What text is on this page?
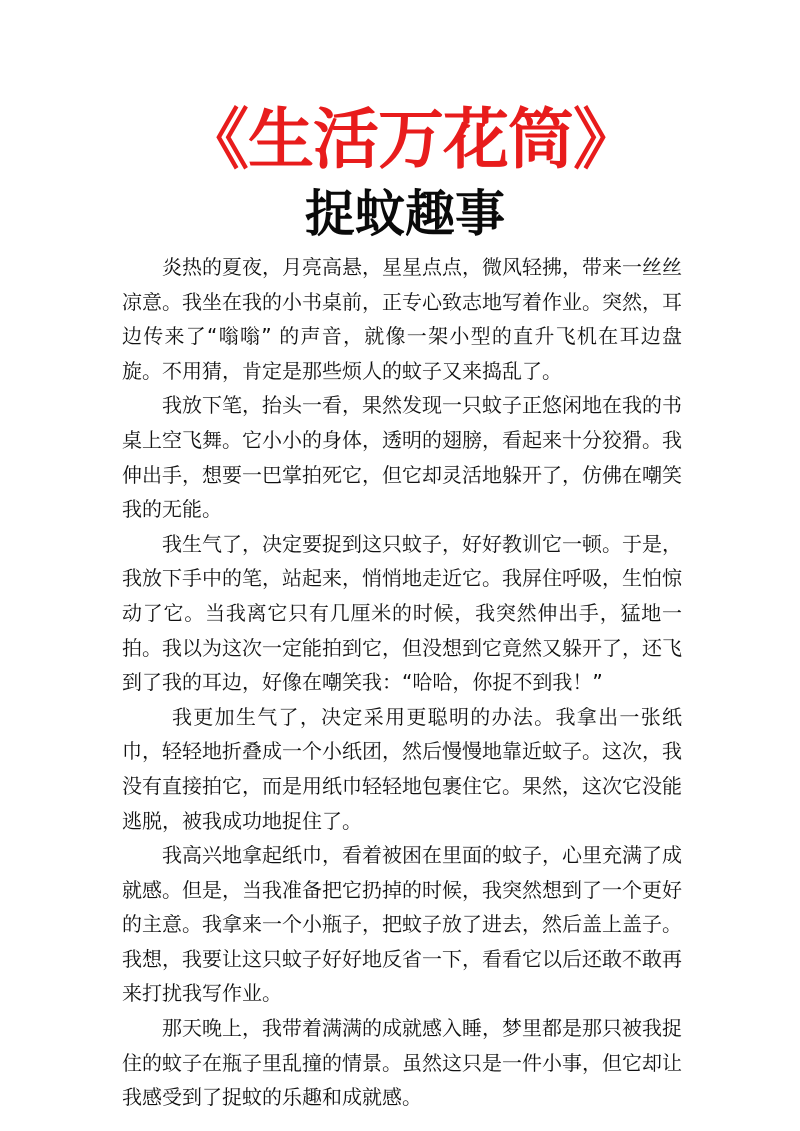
《生活万花筒》
捉蚊趣事

炎热的夏夜，月亮高悬，星星点点，微风轻拂，带来一丝丝凉意。我坐在我的小书桌前，正专心致志地写着作业。突然，耳边传来了“嗡嗡” 的声音，就像一架小型的直升飞机在耳边盘旋。不用猜，肯定是那些烦人的蚊子又来捣乱了。

我放下笔，抬头一看，果然发现一只蚊子正悠闲地在我的书桌上空飞舞。它小小的身体，透明的翅膀，看起来十分狡猾。我伸出手，想要一巴掌拍死它，但它却灵活地躲开了，仿佛在嘲笑我的无能。

我生气了，决定要捉到这只蚊子，好好教训它一顿。于是，我放下手中的笔，站起来，悄悄地走近它。我屏住呼吸，生怕惊动了它。当我离它只有几厘米的时候，我突然伸出手，猛地一拍。我以为这次一定能拍到它，但没想到它竟然又躲开了，还飞到了我的耳边，好像在嘲笑我：“哈哈，你捉不到我！”

我更加生气了，决定采用更聪明的办法。我拿出一张纸巾，轻轻地折叠成一个小纸团，然后慢慢地靠近蚊子。这次，我没有直接拍它，而是用纸巾轻轻地包裹住它。果然，这次它没能逃脱，被我成功地捉住了。

我高兴地拿起纸巾，看着被困在里面的蚊子，心里充满了成就感。但是，当我准备把它扔掉的时候，我突然想到了一个更好的主意。我拿来一个小瓶子，把蚊子放了进去，然后盖上盖子。我想，我要让这只蚊子好好地反省一下，看看它以后还敢不敢再来打扰我写作业。

那天晚上，我带着满满的成就感入睡，梦里都是那只被我捉住的蚊子在瓶子里乱撞的情景。虽然这只是一件小事，但它却让我感受到了捉蚊的乐趣和成就感。
